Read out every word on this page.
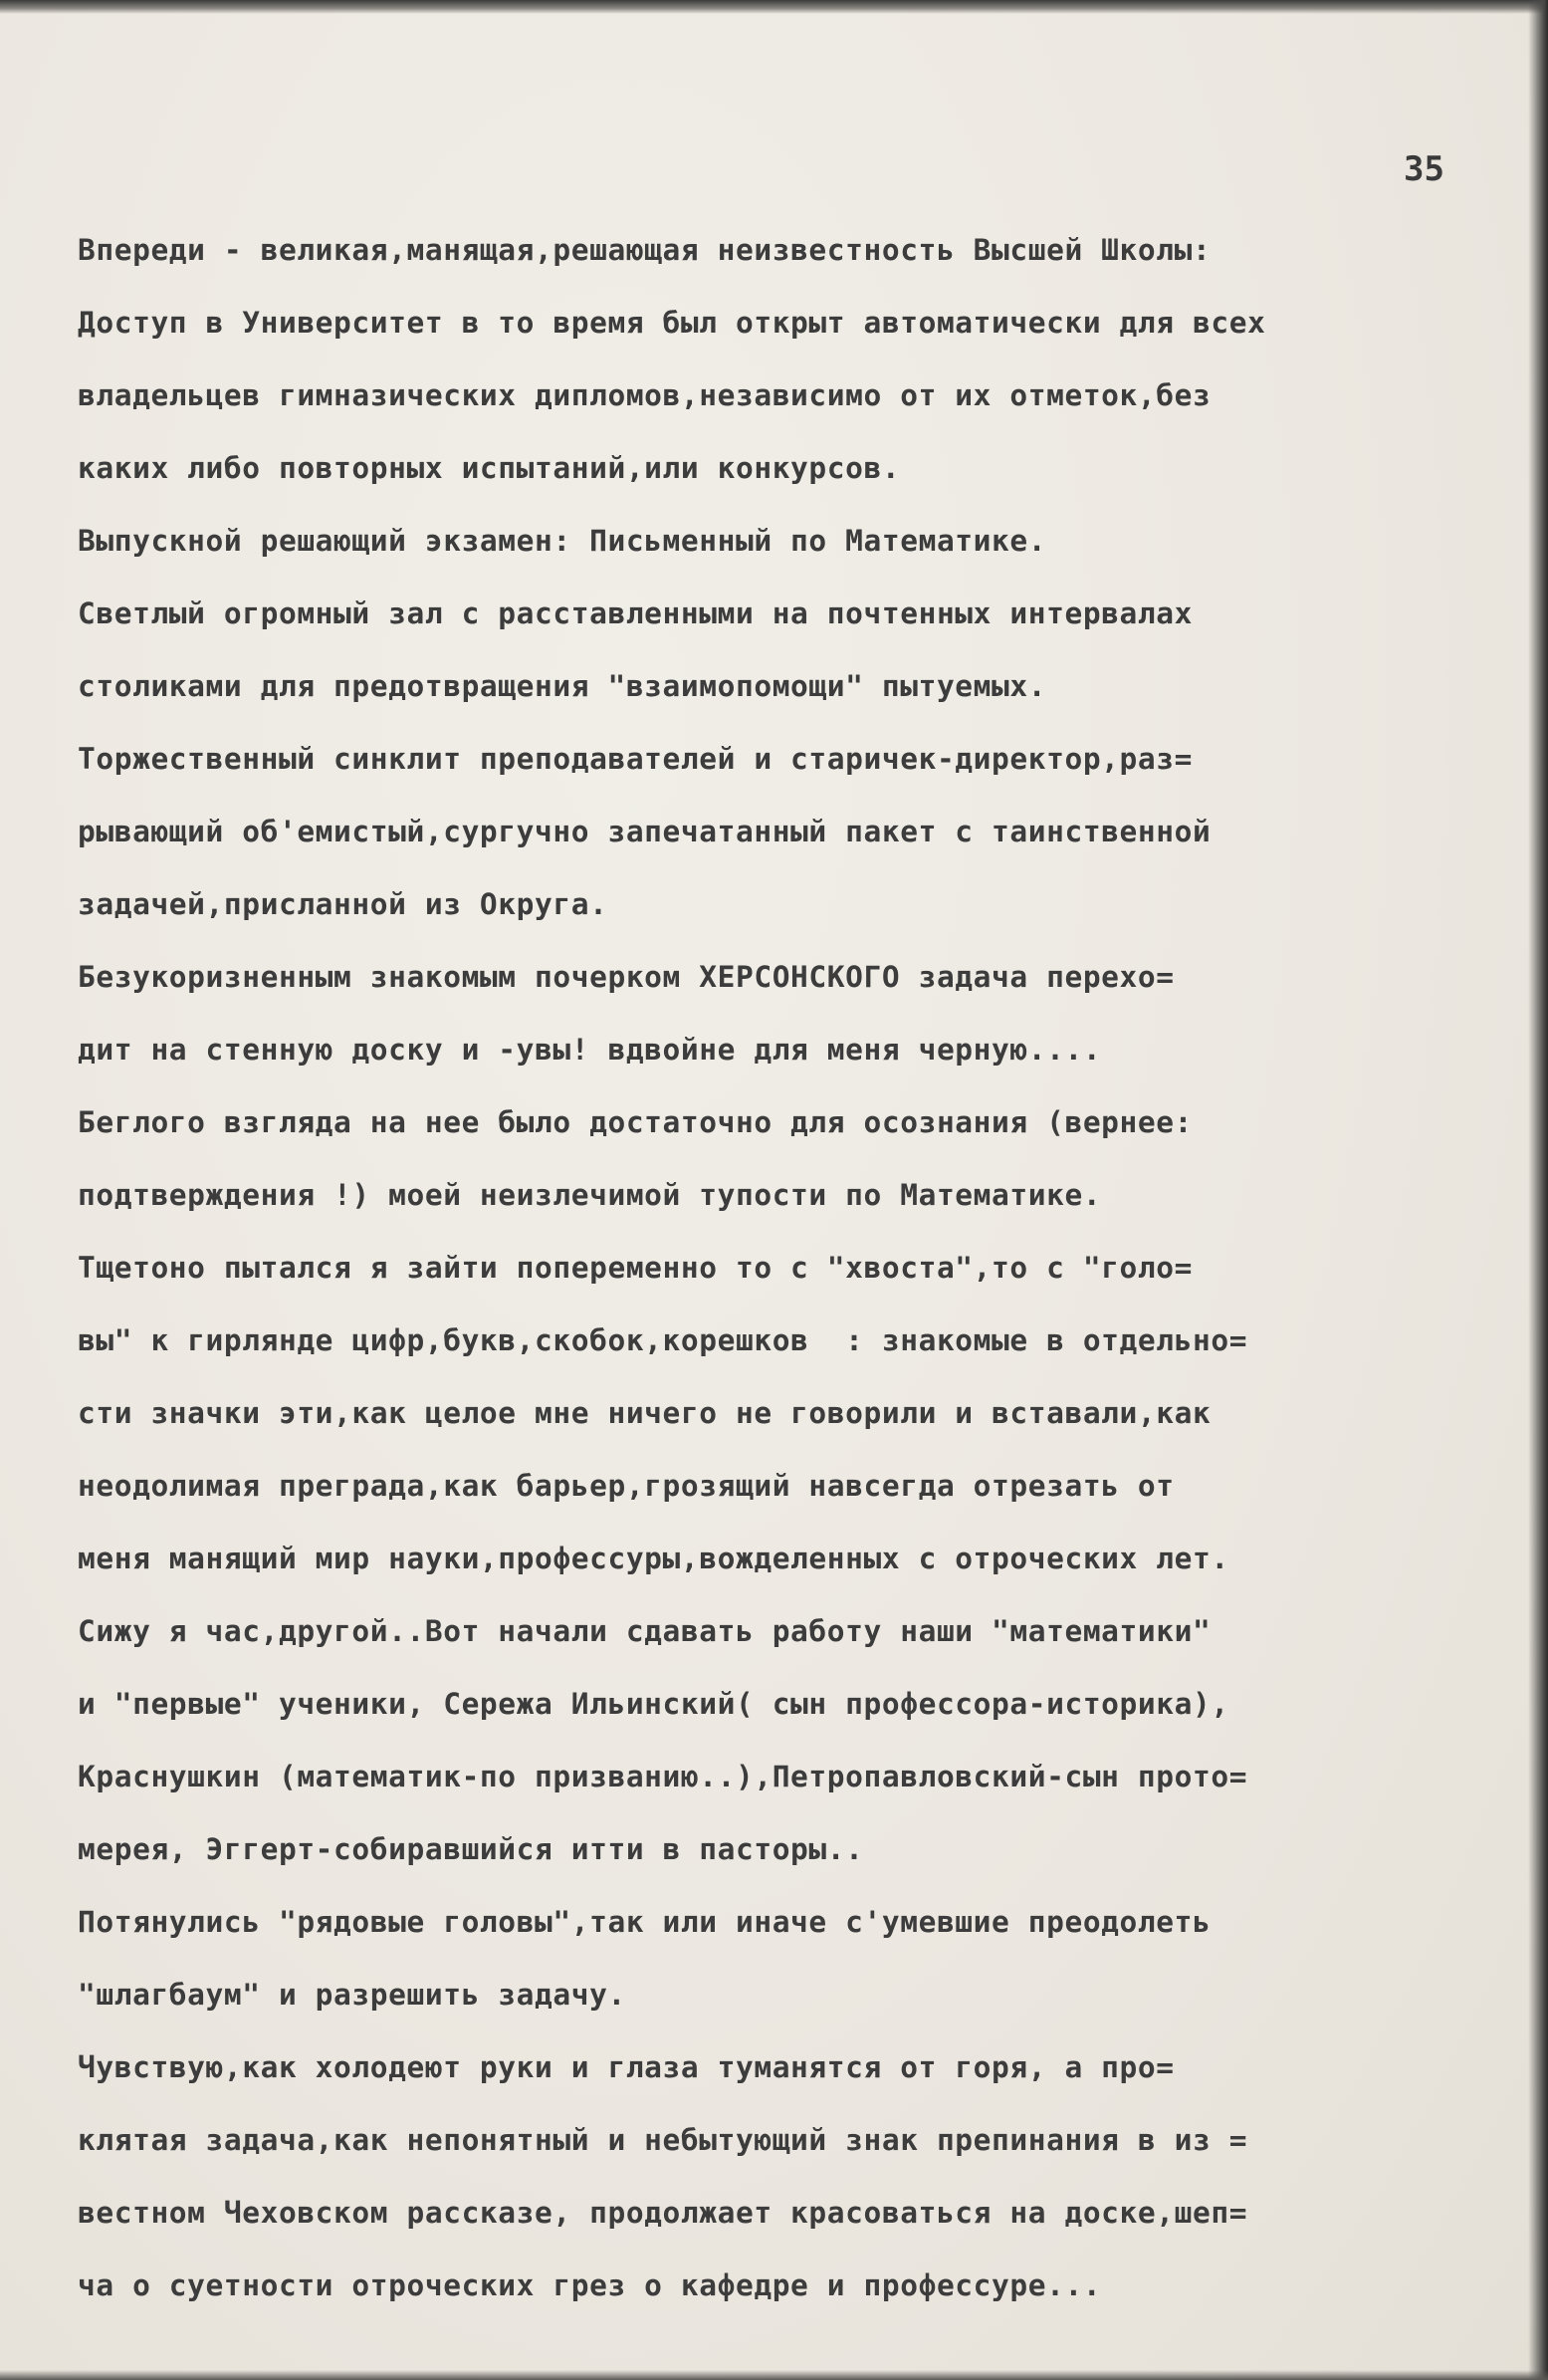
35

Впереди - великая,манящая,решающая неизвестность Высшей Школы:

Доступ в Университет в то время был открыт автоматически для всех

владельцев гимназических дипломов,независимо от их отметок,без

каких либо повторных испытаний,или конкурсов.

Выпускной решающий экзамен: Письменный по Математике.

Светлый огромный зал с расставленными на почтенных интервалах

столиками для предотвращения "взаимопомощи" пытуемых.

Торжественный синклит преподавателей и старичек-директор,раз=

рывающий об'емистый,сургучно запечатанный пакет с таинственной

задачей,присланной из Округа.

Безукоризненным знакомым почерком ХЕРСОНСКОГО задача перехо=

дит на стенную доску и -увы! вдвойне для меня черную....

Беглого взгляда на нее было достаточно для осознания (вернее:

подтверждения !) моей неизлечимой тупости по Математике.

Тщетоно пытался я зайти попеременно то с "хвоста",то с "голо=

вы" к гирлянде цифр,букв,скобок,корешков  : знакомые в отдельно=

сти значки эти,как целое мне ничего не говорили и вставали,как

неодолимая преграда,как барьер,грозящий навсегда отрезать от

меня манящий мир науки,профессуры,вожделенных с отроческих лет.

Сижу я час,другой..Вот начали сдавать работу наши "математики"

и "первые" ученики, Сережа Ильинский( сын профессора-историка),

Краснушкин (математик-по призванию..),Петропавловский-сын прото=

мерея, Эггерт-собиравшийся итти в пасторы..

Потянулись "рядовые головы",так или иначе с'умевшие преодолеть

"шлагбаум" и разрешить задачу.

Чувствую,как холодеют руки и глаза туманятся от горя, а про=

клятая задача,как непонятный и небытующий знак препинания в из =

вестном Чеховском рассказе, продолжает красоваться на доске,шеп=

ча о суетности отроческих грез о кафедре и профессуре...
